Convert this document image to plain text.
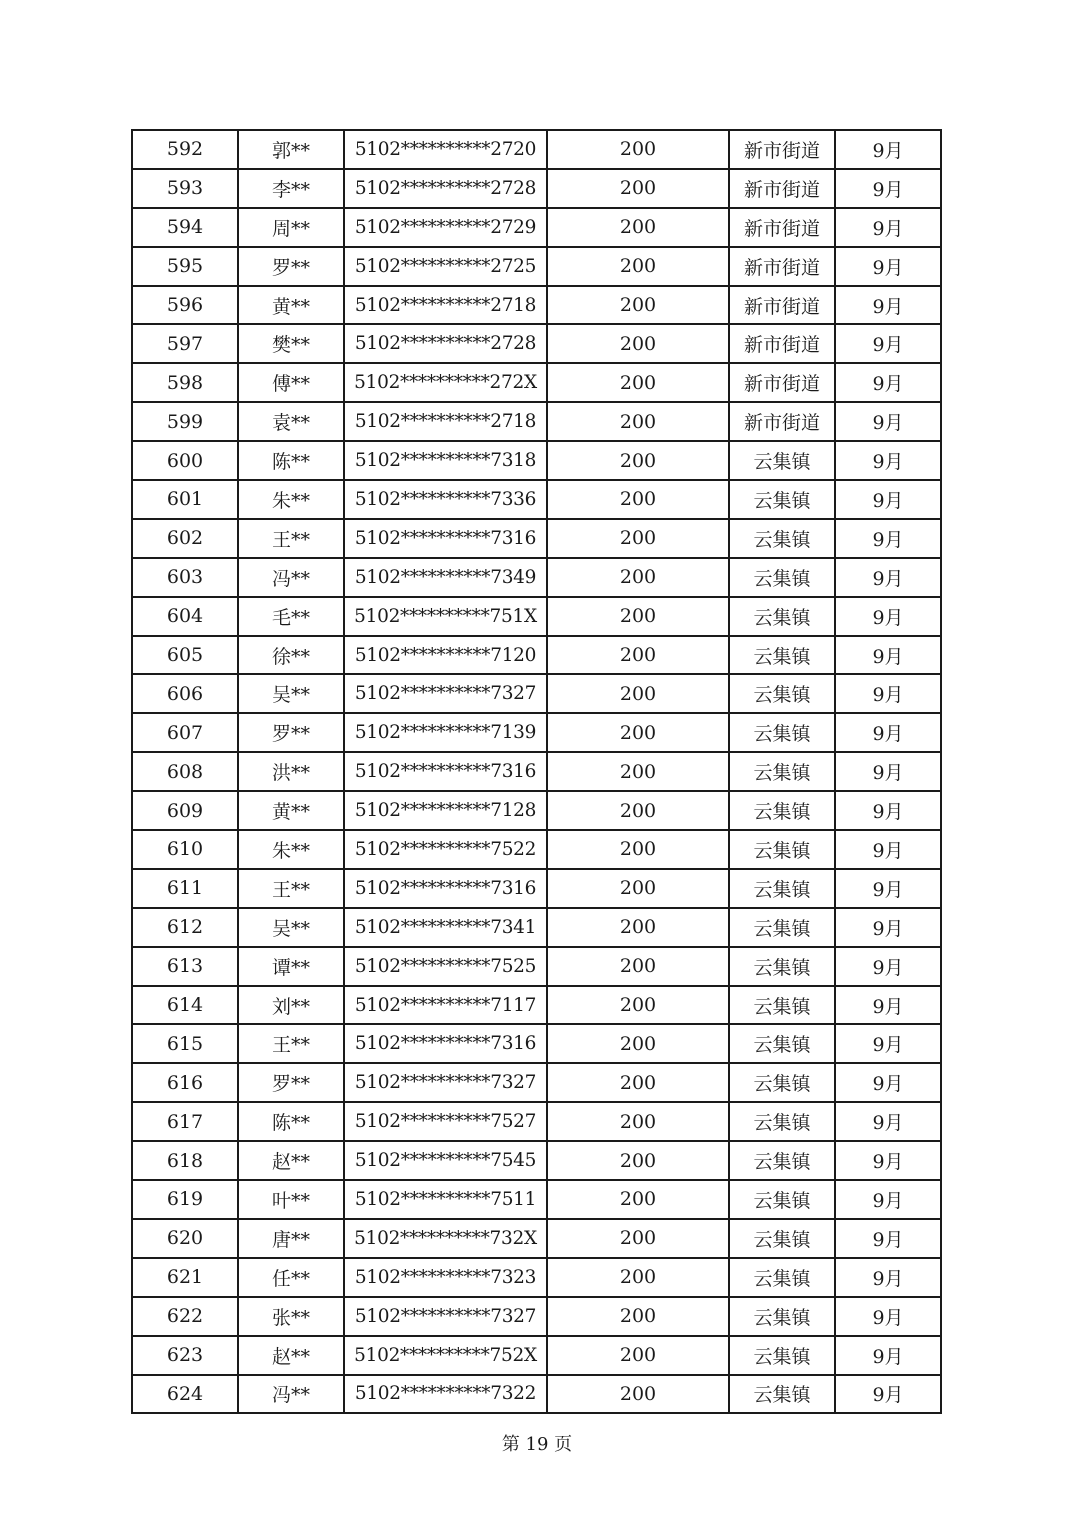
592	郭**	5102**********2720	200	新市街道	9月
593	李**	5102**********2728	200	新市街道	9月
594	周**	5102**********2729	200	新市街道	9月
595	罗**	5102**********2725	200	新市街道	9月
596	黄**	5102**********2718	200	新市街道	9月
597	樊**	5102**********2728	200	新市街道	9月
598	傅**	5102**********272X	200	新市街道	9月
599	袁**	5102**********2718	200	新市街道	9月
600	陈**	5102**********7318	200	云集镇	9月
601	朱**	5102**********7336	200	云集镇	9月
602	王**	5102**********7316	200	云集镇	9月
603	冯**	5102**********7349	200	云集镇	9月
604	毛**	5102**********751X	200	云集镇	9月
605	徐**	5102**********7120	200	云集镇	9月
606	吴**	5102**********7327	200	云集镇	9月
607	罗**	5102**********7139	200	云集镇	9月
608	洪**	5102**********7316	200	云集镇	9月
609	黄**	5102**********7128	200	云集镇	9月
610	朱**	5102**********7522	200	云集镇	9月
611	王**	5102**********7316	200	云集镇	9月
612	吴**	5102**********7341	200	云集镇	9月
613	谭**	5102**********7525	200	云集镇	9月
614	刘**	5102**********7117	200	云集镇	9月
615	王**	5102**********7316	200	云集镇	9月
616	罗**	5102**********7327	200	云集镇	9月
617	陈**	5102**********7527	200	云集镇	9月
618	赵**	5102**********7545	200	云集镇	9月
619	叶**	5102**********7511	200	云集镇	9月
620	唐**	5102**********732X	200	云集镇	9月
621	任**	5102**********7323	200	云集镇	9月
622	张**	5102**********7327	200	云集镇	9月
623	赵**	5102**********752X	200	云集镇	9月
624	冯**	5102**********7322	200	云集镇	9月
第 19 页
